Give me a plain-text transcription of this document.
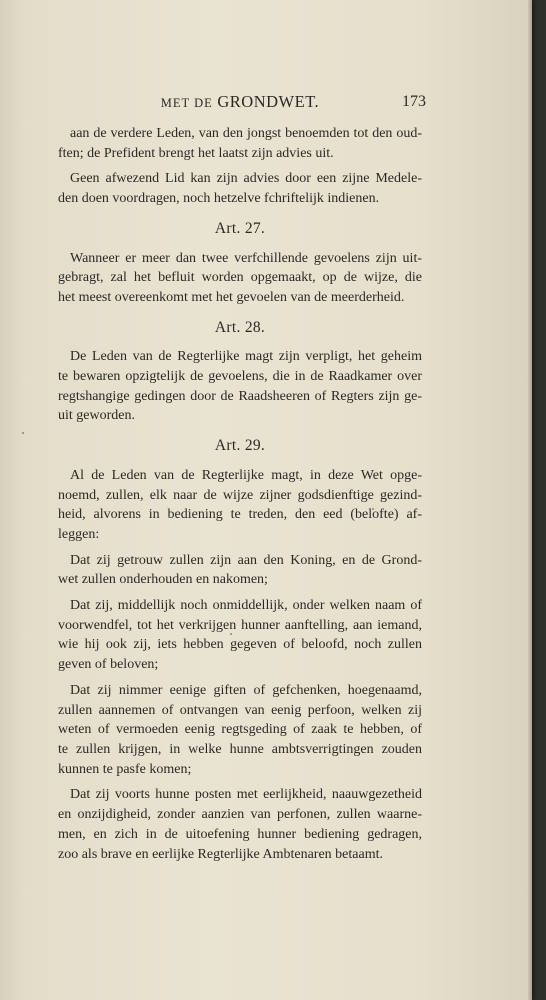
MET DE GRONDWET.	173
aan de verdere Leden, van den jongst benoemden tot den oud-
ften; de Prefident brengt het laatst zijn advies uit.
Geen afwezend Lid kan zijn advies door een zijne Medele-
den doen voordragen, noch hetzelve fchriftelijk indienen.
Art. 27.
Wanneer er meer dan twee verfchillende gevoelens zijn uit-
gebragt, zal het befluit worden opgemaakt, op de wijze, die
het meest overeenkomt met het gevoelen van de meerderheid.
Art. 28.
De Leden van de Regterlijke magt zijn verpligt, het geheim
te bewaren opzigtelijk de gevoelens, die in de Raadkamer over
regtshangige gedingen door de Raadsheeren of Regters zijn ge-
uit geworden.
Art. 29.
Al de Leden van de Regterlijke magt, in deze Wet opge-
noemd, zullen, elk naar de wijze zijner godsdienftige gezind-
heid, alvorens in bediening te treden, den eed (belofte) af-
leggen:
Dat zij getrouw zullen zijn aan den Koning, en de Grond-
wet zullen onderhouden en nakomen;
Dat zij, middellijk noch onmiddellijk, onder welken naam of
voorwendfel, tot het verkrijgen hunner aanftelling, aan iemand,
wie hij ook zij, iets hebben gegeven of beloofd, noch zullen
geven of beloven;
Dat zij nimmer eenige giften of gefchenken, hoegenaamd,
zullen aannemen of ontvangen van eenig perfoon, welken zij
weten of vermoeden eenig regtsgeding of zaak te hebben, of
te zullen krijgen, in welke hunne ambtsverrigtingen zouden
kunnen te pasfe komen;
Dat zij voorts hunne posten met eerlijkheid, naauwgezetheid
en onzijdigheid, zonder aanzien van perfonen, zullen waarne-
men, en zich in de uitoefening hunner bediening gedragen,
zoo als brave en eerlijke Regterlijke Ambtenaren betaamt.
